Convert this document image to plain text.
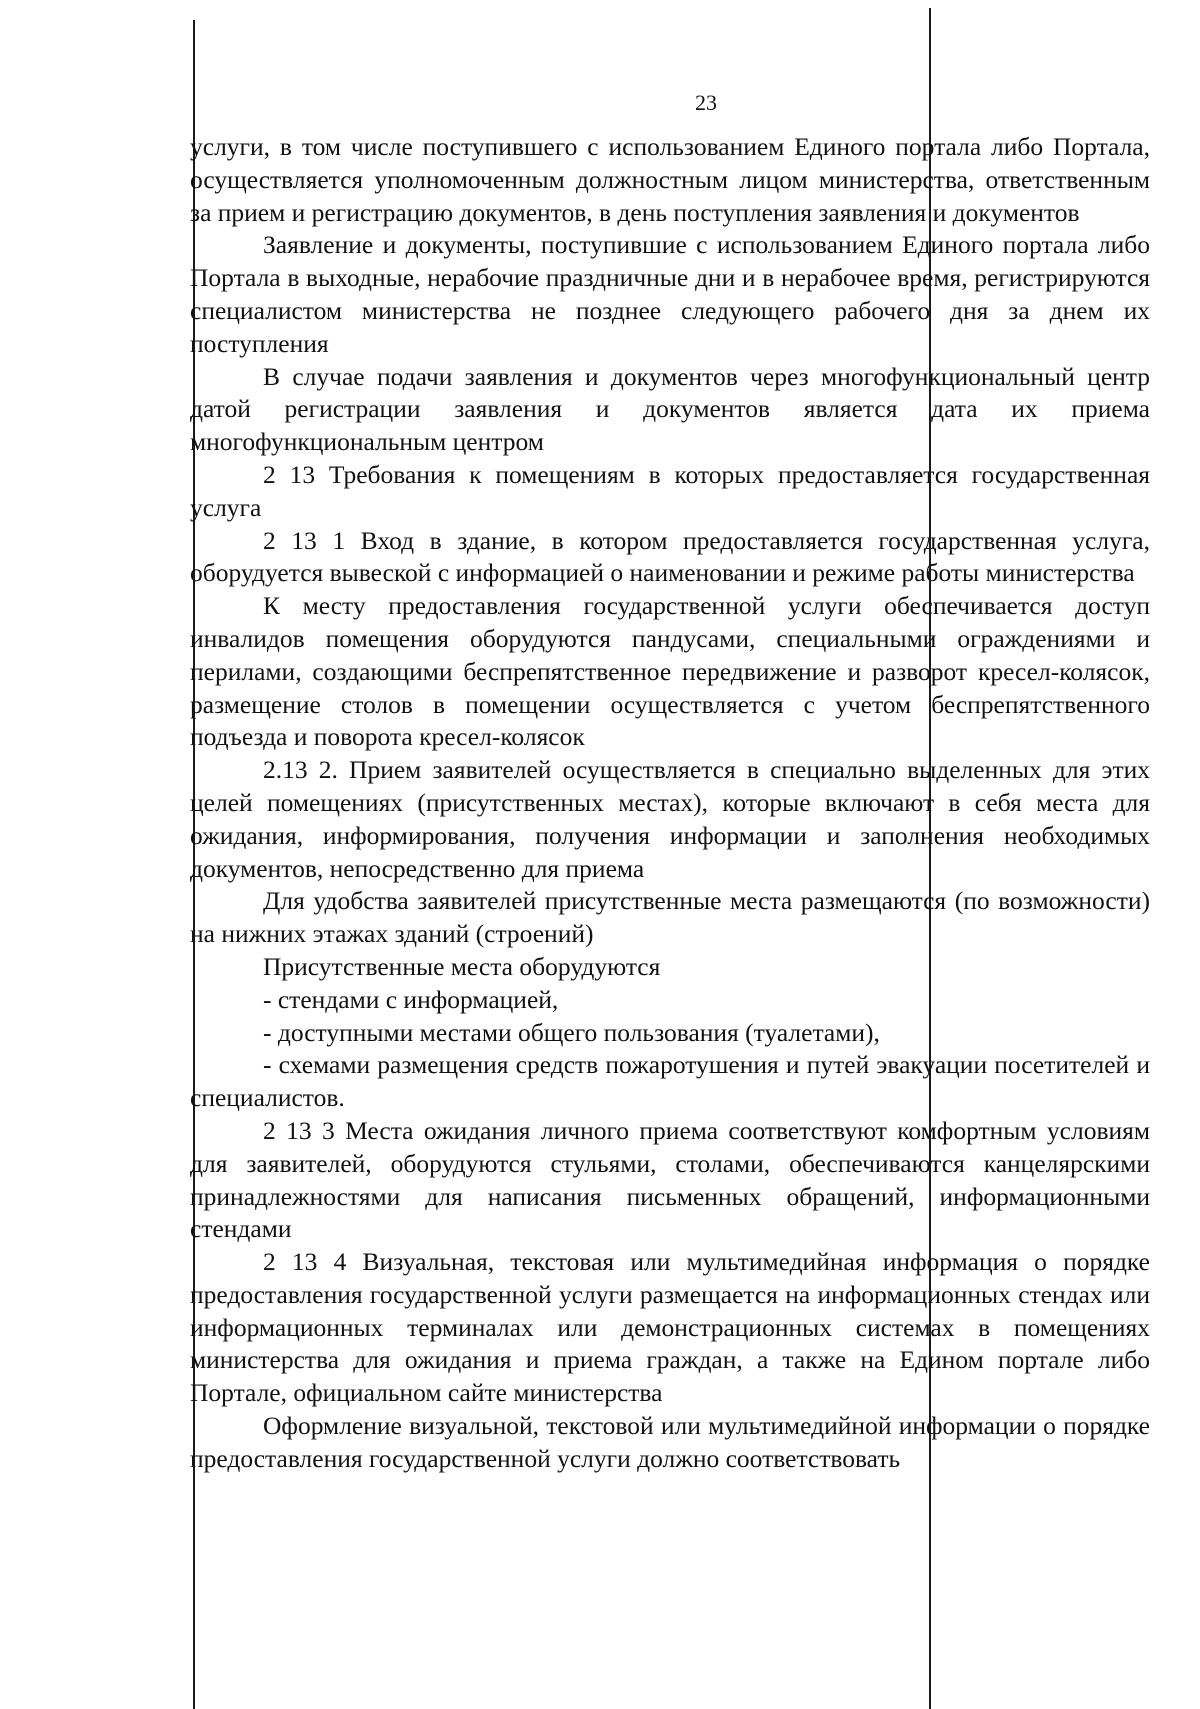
23

услуги, в том числе поступившего с использованием Единого портала либо Портала, осуществляется уполномоченным должностным лицом министерства, ответственным за прием и регистрацию документов, в день поступления заявления и документов

Заявление и документы, поступившие с использованием Единого портала либо Портала в выходные, нерабочие праздничные дни и в нерабочее время, регистрируются специалистом министерства не позднее следующего рабочего дня за днем их поступления

В случае подачи заявления и документов через многофункциональный центр датой регистрации заявления и документов является дата их приема многофункциональным центром

2 13 Требования к помещениям в которых предоставляется государственная услуга

2 13 1 Вход в здание, в котором предоставляется государственная услуга, оборудуется вывеской с информацией о наименовании и режиме работы министерства

К месту предоставления государственной услуги обеспечивается доступ инвалидов помещения оборудуются пандусами, специальными ограждениями и перилами, создающими беспрепятственное передвижение и разворот кресел-колясок, размещение столов в помещении осуществляется с учетом беспрепятственного подъезда и поворота кресел-колясок

2.13 2. Прием заявителей осуществляется в специально выделенных для этих целей помещениях (присутственных местах), которые включают в себя места для ожидания, информирования, получения информации и заполнения необходимых документов, непосредственно для приема

Для удобства заявителей присутственные места размещаются (по возможности) на нижних этажах зданий (строений)

Присутственные места оборудуются

- стендами с информацией,

- доступными местами общего пользования (туалетами),

- схемами размещения средств пожаротушения и путей эвакуации посетителей и специалистов.

2 13 3 Места ожидания личного приема соответствуют комфортным условиям для заявителей, оборудуются стульями, столами, обеспечиваются канцелярскими принадлежностями для написания письменных обращений, информационными стендами

2 13 4 Визуальная, текстовая или мультимедийная информация о порядке предоставления государственной услуги размещается на информационных стендах или информационных терминалах или демонстрационных системах в помещениях министерства для ожидания и приема граждан, а также на Едином портале либо Портале, официальном сайте министерства

Оформление визуальной, текстовой или мультимедийной информации о порядке предоставления государственной услуги должно соответствовать
